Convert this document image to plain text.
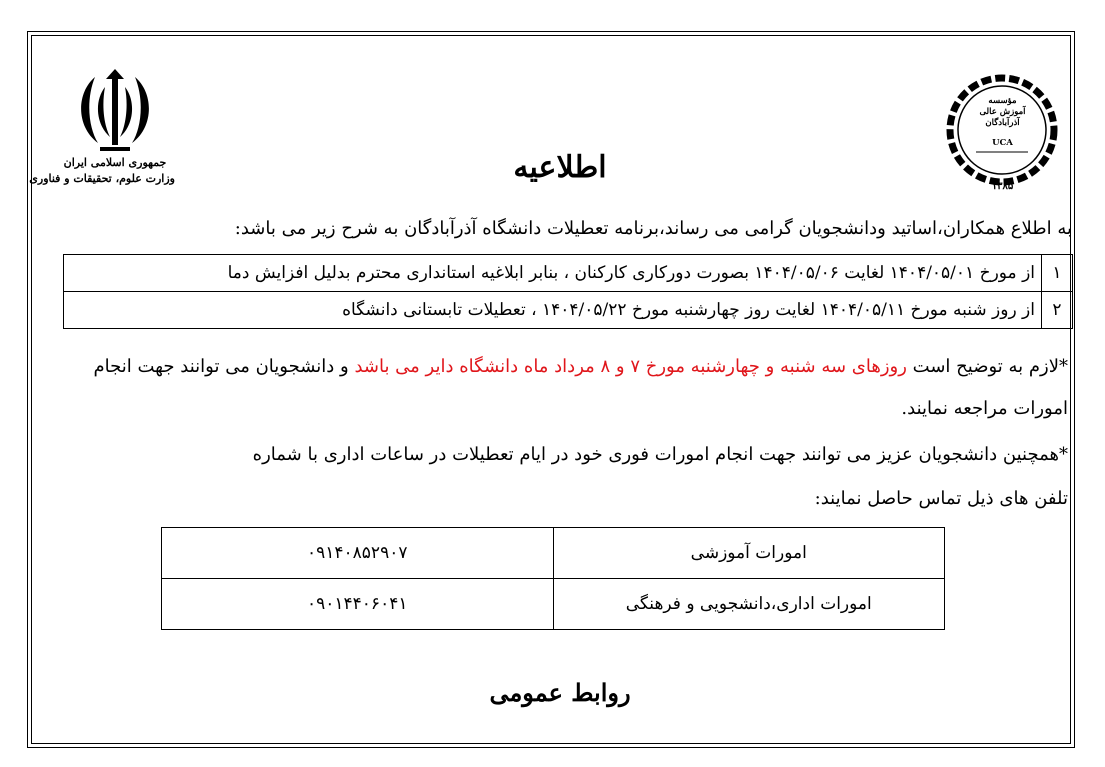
جمهوری اسلامی ایران
وزارت علوم، تحقیقات و فناوری
مؤسسه
آموزش عالی
آذرآبادگان
UCA
۱۳۸۵
اطلاعیه
به اطلاع همکاران،اساتید ودانشجویان گرامی می رساند،برنامه تعطیلات دانشگاه آذرآبادگان به شرح زیر می باشد:
۱	از مورخ ۱۴۰۴/۰۵/۰۱ لغایت ۱۴۰۴/۰۵/۰۶ بصورت دورکاری کارکنان ، بنابر ابلاغیه استانداری محترم بدلیل افزایش دما
۲	از روز شنبه مورخ ۱۴۰۴/۰۵/۱۱ لغایت روز چهارشنبه مورخ ۱۴۰۴/۰۵/۲۲ ، تعطیلات تابستانی دانشگاه
*لازم به توضیح است روزهای سه شنبه و چهارشنبه مورخ ۷ و ۸ مرداد ماه دانشگاه دایر می باشد و دانشجویان می توانند جهت انجام
امورات مراجعه نمایند.
*همچنین دانشجویان عزیز می توانند جهت انجام امورات فوری خود در ایام تعطیلات در ساعات اداری با شماره
تلفن های ذیل تماس حاصل نمایند:
امورات آموزشی	۰۹۱۴۰۸۵۲۹۰۷
امورات اداری،دانشجویی و فرهنگی	۰۹۰۱۴۴۰۶۰۴۱
روابط عمومی
